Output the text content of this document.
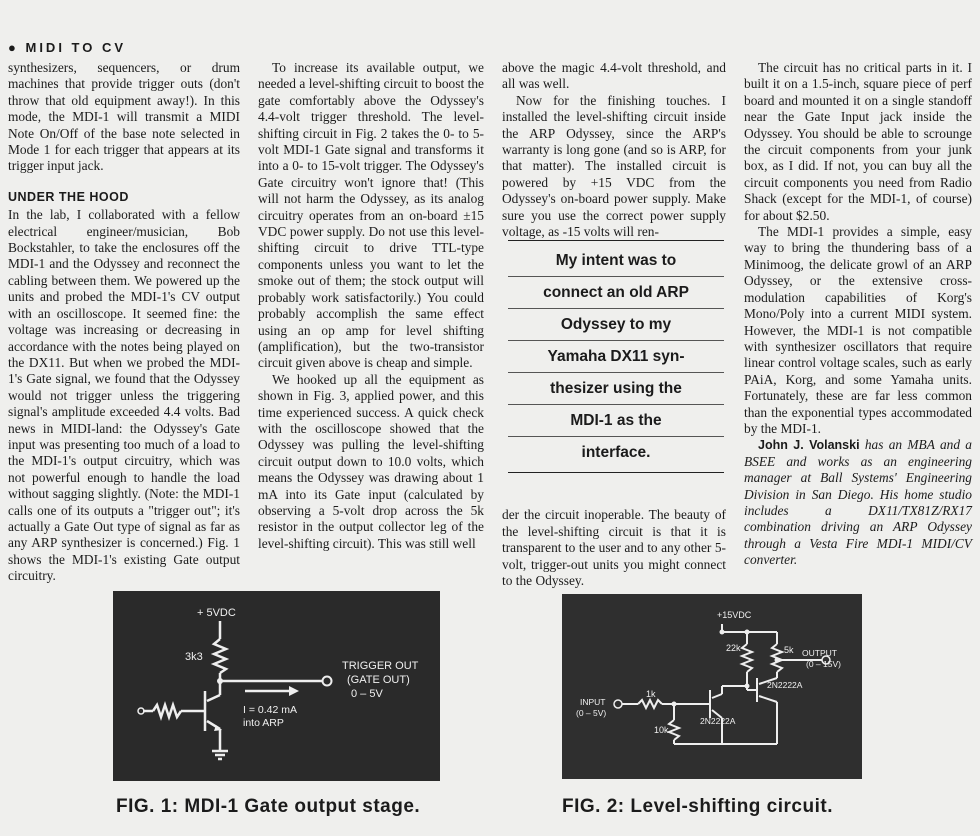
● MIDI TO CV

synthesizers, sequencers, or drum machines that provide trigger outs (don't throw that old equipment away!). In this mode, the MDI-1 will transmit a MIDI Note On/Off of the base note selected in Mode 1 for each trigger that appears at its trigger input jack.

UNDER THE HOOD

In the lab, I collaborated with a fellow electrical engineer/musician, Bob Bockstahler, to take the enclosures off the MDI-1 and the Odyssey and reconnect the cabling between them. We powered up the units and probed the MDI-1's CV output with an oscilloscope. It seemed fine: the voltage was increasing or decreasing in accordance with the notes being played on the DX11. But when we probed the MDI-1's Gate signal, we found that the Odyssey would not trigger unless the triggering signal's amplitude exceeded 4.4 volts. Bad news in MIDI-land: the Odyssey's Gate input was presenting too much of a load to the MDI-1's output circuitry, which was not powerful enough to handle the load without sagging slightly. (Note: the MDI-1 calls one of its outputs a "trigger out"; it's actually a Gate Out type of signal as far as any ARP synthesizer is concerned.) Fig. 1 shows the MDI-1's existing Gate output circuitry.

To increase its available output, we needed a level-shifting circuit to boost the gate comfortably above the Odyssey's 4.4-volt trigger threshold. The level-shifting circuit in Fig. 2 takes the 0- to 5-volt MDI-1 Gate signal and transforms it into a 0- to 15-volt trigger. The Odyssey's Gate circuitry won't ignore that! (This will not harm the Odyssey, as its analog circuitry operates from an on-board ±15 VDC power supply. Do not use this level-shifting circuit to drive TTL-type components unless you want to let the smoke out of them; the stock output will probably work satisfactorily.) You could probably accomplish the same effect using an op amp for level shifting (amplification), but the two-transistor circuit given above is cheap and simple.

We hooked up all the equipment as shown in Fig. 3, applied power, and this time experienced success. A quick check with the oscilloscope showed that the Odyssey was pulling the level-shifting circuit output down to 10.0 volts, which means the Odyssey was drawing about 1 mA into its Gate input (calculated by observing a 5-volt drop across the 5k resistor in the output collector leg of the level-shifting circuit). This was still well

above the magic 4.4-volt threshold, and all was well.

Now for the finishing touches. I installed the level-shifting circuit inside the ARP Odyssey, since the ARP's warranty is long gone (and so is ARP, for that matter). The installed circuit is powered by +15 VDC from the Odyssey's on-board power supply. Make sure you use the correct power supply voltage, as -15 volts will ren-

My intent was to
connect an old ARP
Odyssey to my
Yamaha DX11 syn-
thesizer using the
MDI-1 as the
interface.

der the circuit inoperable. The beauty of the level-shifting circuit is that it is transparent to the user and to any other 5-volt, trigger-out units you might connect to the Odyssey.

The circuit has no critical parts in it. I built it on a 1.5-inch, square piece of perf board and mounted it on a single standoff near the Gate Input jack inside the Odyssey. You should be able to scrounge the circuit components from your junk box, as I did. If not, you can buy all the circuit components you need from Radio Shack (except for the MDI-1, of course) for about $2.50.

The MDI-1 provides a simple, easy way to bring the thundering bass of a Minimoog, the delicate growl of an ARP Odyssey, or the extensive cross-modulation capabilities of Korg's Mono/Poly into a current MIDI system. However, the MDI-1 is not compatible with synthesizer oscillators that require linear control voltage scales, such as early PAiA, Korg, and some Yamaha units. Fortunately, these are far less common than the exponential types accommodated by the MDI-1.

John J. Volanski has an MBA and a BSEE and works as an engineering manager at Ball Systems' Engineering Division in San Diego. His home studio includes a DX11/TX81Z/RX17 combination driving an ARP Odyssey through a Vesta Fire MDI-1 MIDI/CV converter.

+ 5VDC
3k3
TRIGGER OUT
(GATE OUT)
0 – 5V
I = 0.42 mA
into ARP
FIG. 1: MDI-1 Gate output stage.
+15VDC
22k	5k
1k
10k
2N2222A
2N2222A
INPUT
(0 – 5V)
OUTPUT
(0 – 15V)
FIG. 2: Level-shifting circuit.
